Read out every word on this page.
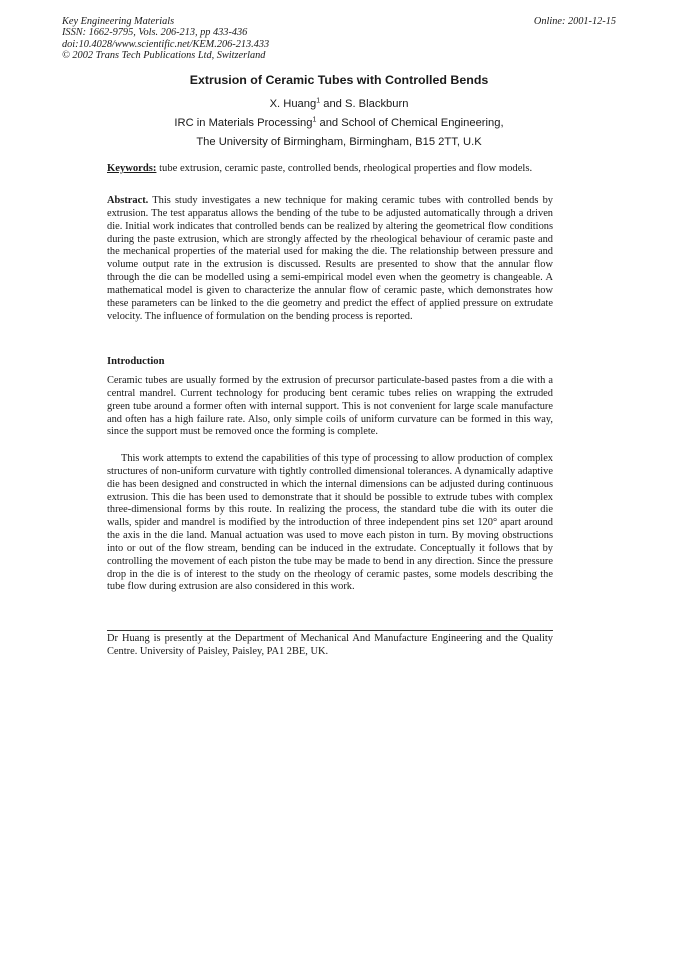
Key Engineering Materials
ISSN: 1662-9795, Vols. 206-213, pp 433-436
doi:10.4028/www.scientific.net/KEM.206-213.433
© 2002 Trans Tech Publications Ltd, Switzerland
Online: 2001-12-15
Extrusion of Ceramic Tubes with Controlled Bends
X. Huang$^1$ and S. Blackburn
IRC in Materials Processing$^1$ and School of Chemical Engineering,
The University of Birmingham, Birmingham, B15 2TT, U.K
Keywords: tube extrusion, ceramic paste, controlled bends, rheological properties and flow models.
Abstract. This study investigates a new technique for making ceramic tubes with controlled bends by extrusion. The test apparatus allows the bending of the tube to be adjusted automatically through a driven die. Initial work indicates that controlled bends can be realized by altering the geometrical flow conditions during the paste extrusion, which are strongly affected by the rheological behaviour of ceramic paste and the mechanical properties of the material used for making the die. The relationship between pressure and volume output rate in the extrusion is discussed. Results are presented to show that the annular flow through the die can be modelled using a semi-empirical model even when the geometry is changeable. A mathematical model is given to characterize the annular flow of ceramic paste, which demonstrates how these parameters can be linked to the die geometry and predict the effect of applied pressure on extrudate velocity. The influence of formulation on the bending process is reported.
Introduction
Ceramic tubes are usually formed by the extrusion of precursor particulate-based pastes from a die with a central mandrel. Current technology for producing bent ceramic tubes relies on wrapping the extruded green tube around a former often with internal support. This is not convenient for large scale manufacture and often has a high failure rate. Also, only simple coils of uniform curvature can be formed in this way, since the support must be removed once the forming is complete.
This work attempts to extend the capabilities of this type of processing to allow production of complex structures of non-uniform curvature with tightly controlled dimensional tolerances. A dynamically adaptive die has been designed and constructed in which the internal dimensions can be adjusted during continuous extrusion. This die has been used to demonstrate that it should be possible to extrude tubes with complex three-dimensional forms by this route. In realizing the process, the standard tube die with its outer die walls, spider and mandrel is modified by the introduction of three independent pins set 120° apart around the axis in the die land. Manual actuation was used to move each piston in turn. By moving obstructions into or out of the flow stream, bending can be induced in the extrudate. Conceptually it follows that by controlling the movement of each piston the tube may be made to bend in any direction. Since the pressure drop in the die is of interest to the study on the rheology of ceramic pastes, some models describing the tube flow during extrusion are also considered in this work.
Dr Huang is presently at the Department of Mechanical And Manufacture Engineering and the Quality Centre. University of Paisley, Paisley, PA1 2BE, UK.
